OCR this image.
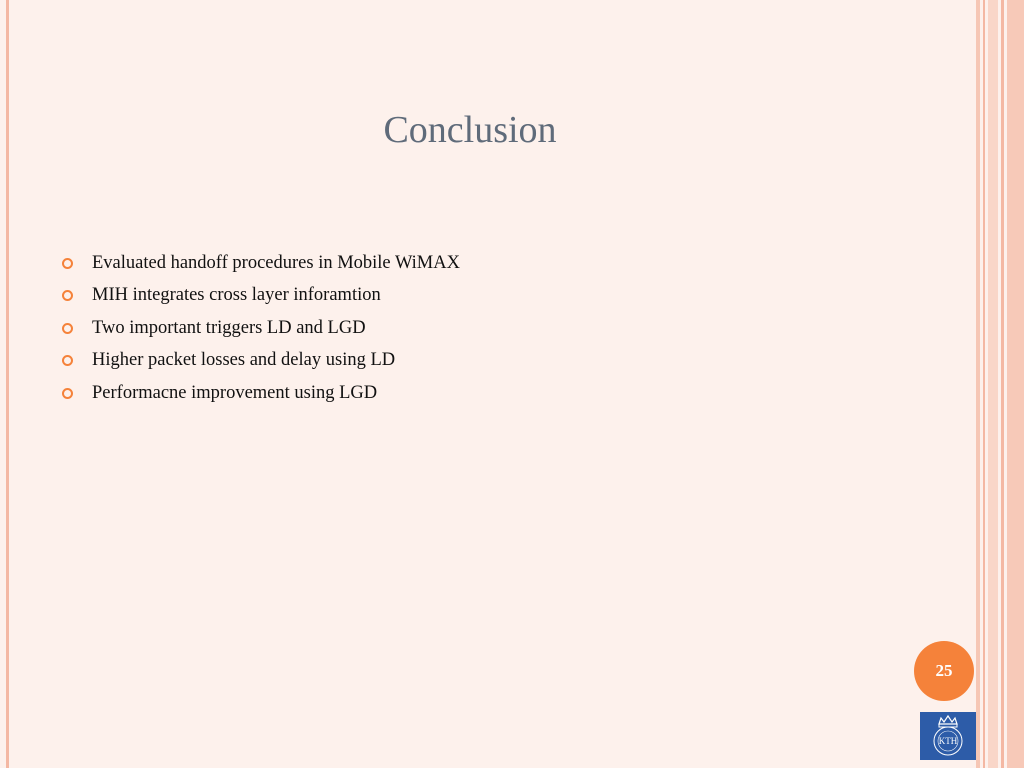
Conclusion
Evaluated handoff procedures in Mobile WiMAX
MIH integrates cross layer inforamtion
Two important triggers LD and LGD
Higher packet losses and delay using LD
Performacne improvement using LGD
25
KTH
